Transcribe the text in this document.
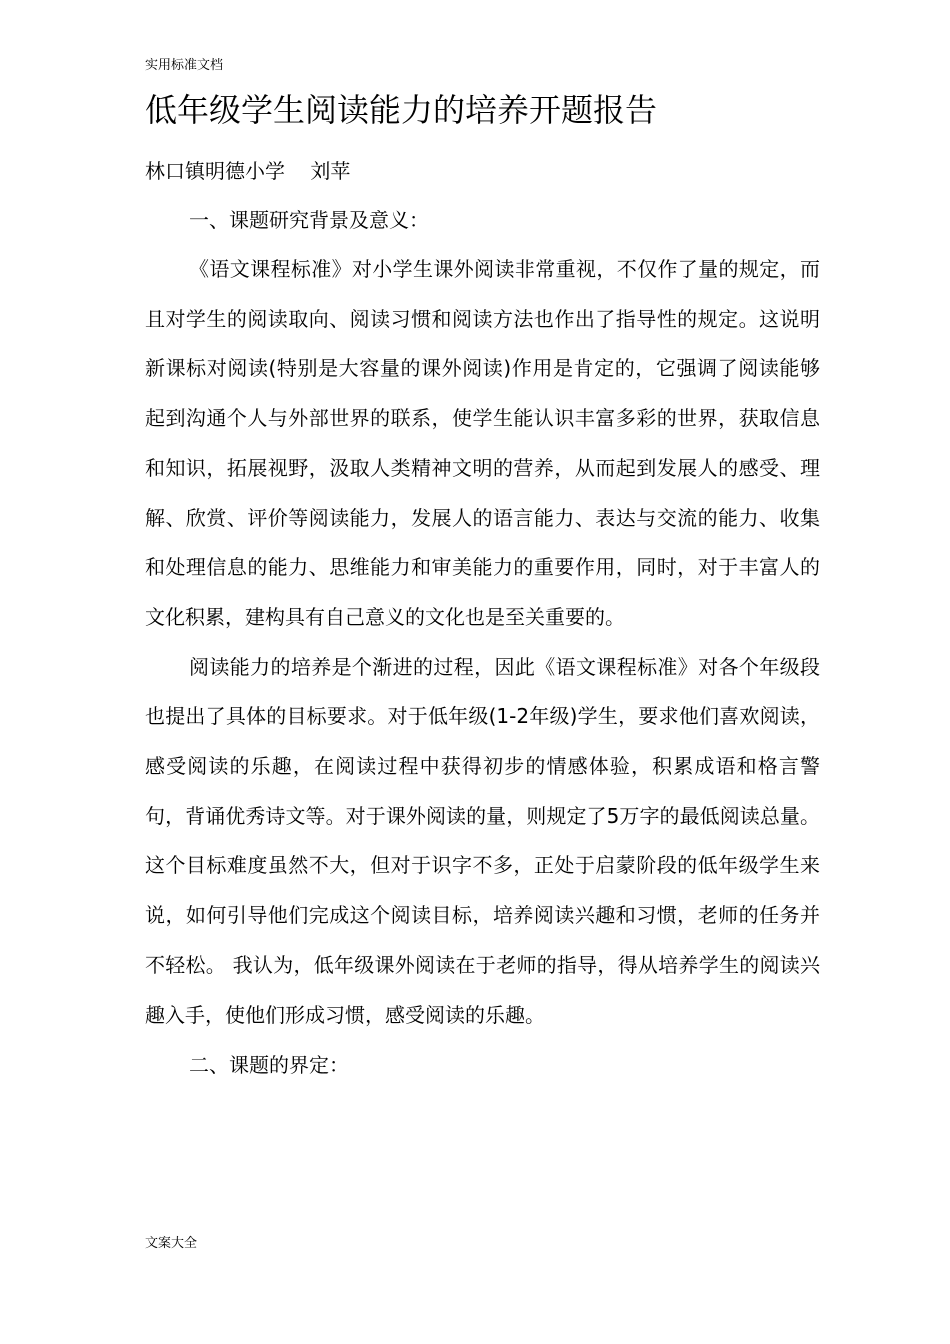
实用标准文档
低年级学生阅读能力的培养开题报告
林口镇明德小学    刘苹

一、课题研究背景及意义：

《语文课程标准》对小学生课外阅读非常重视，不仅作了量的规定，而且对学生的阅读取向、阅读习惯和阅读方法也作出了指导性的规定。这说明新课标对阅读(特别是大容量的课外阅读)作用是肯定的，它强调了阅读能够起到沟通个人与外部世界的联系，使学生能认识丰富多彩的世界，获取信息和知识，拓展视野，汲取人类精神文明的营养，从而起到发展人的感受、理解、欣赏、评价等阅读能力，发展人的语言能力、表达与交流的能力、收集和处理信息的能力、思维能力和审美能力的重要作用，同时，对于丰富人的文化积累，建构具有自己意义的文化也是至关重要的。

阅读能力的培养是个渐进的过程，因此《语文课程标准》对各个年级段也提出了具体的目标要求。对于低年级(1-2年级)学生，要求他们喜欢阅读，感受阅读的乐趣，在阅读过程中获得初步的情感体验，积累成语和格言警句，背诵优秀诗文等。对于课外阅读的量，则规定了5万字的最低阅读总量。这个目标难度虽然不大，但对于识字不多，正处于启蒙阶段的低年级学生来说，如何引导他们完成这个阅读目标，培养阅读兴趣和习惯，老师的任务并不轻松。 我认为，低年级课外阅读在于老师的指导，得从培养学生的阅读兴趣入手，使他们形成习惯，感受阅读的乐趣。

二、课题的界定：

文案大全
